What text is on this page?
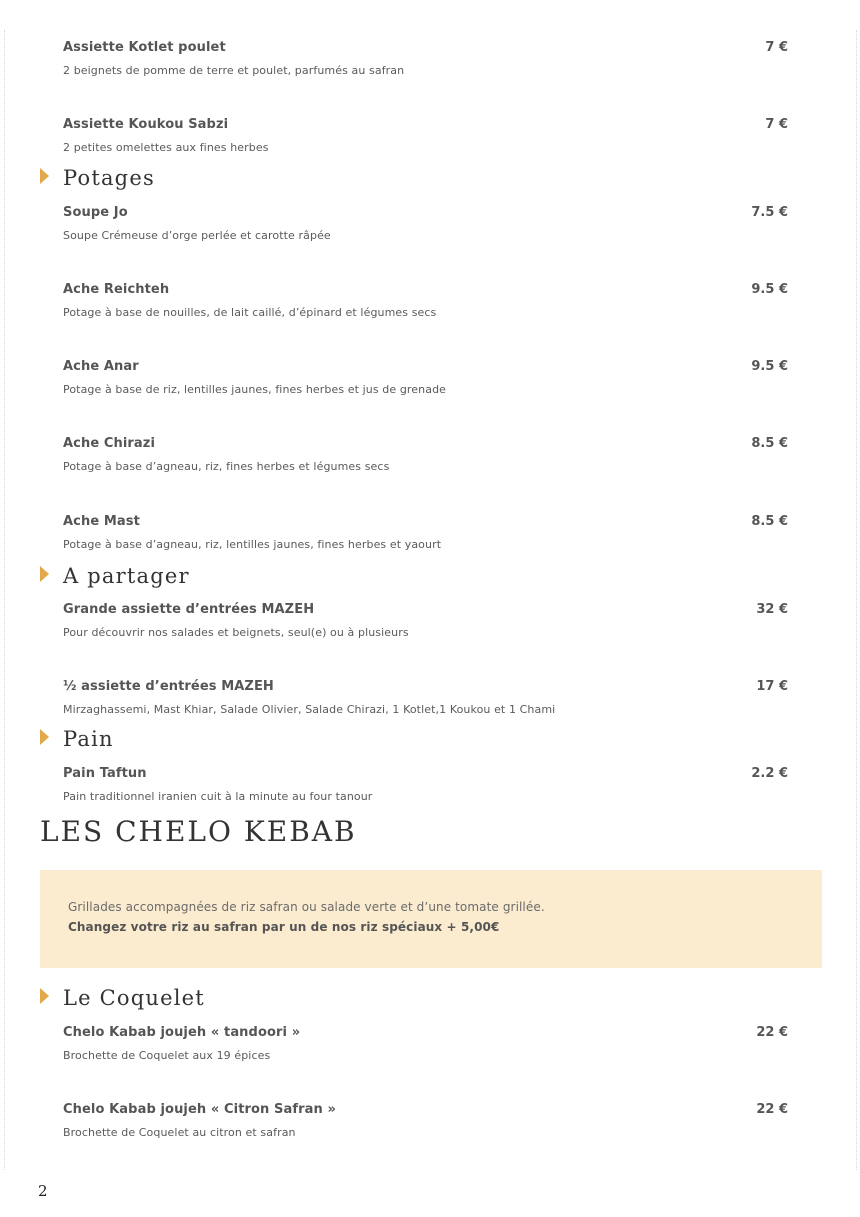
Assiette Kotlet poulet
2 beignets de pomme de terre et poulet, parfumés au safran
7 €
Assiette Koukou Sabzi
2 petites omelettes aux fines herbes
7 €
Potages
Soupe Jo
Soupe Crémeuse d’orge perlée et carotte râpée
7.5 €
Ache Reichteh
Potage à base de nouilles, de lait caillé, d’épinard et légumes secs
9.5 €
Ache Anar
Potage à base de riz, lentilles jaunes, fines herbes et jus de grenade
9.5 €
Ache Chirazi
Potage à base d’agneau, riz, fines herbes et légumes secs
8.5 €
Ache Mast
Potage à base d’agneau, riz, lentilles jaunes, fines herbes et yaourt
8.5 €
A partager
Grande assiette d’entrées MAZEH
Pour découvrir nos salades et beignets, seul(e) ou à plusieurs
32 €
½ assiette d’entrées MAZEH
Mirzaghassemi, Mast Khiar, Salade Olivier, Salade Chirazi, 1 Kotlet,1 Koukou et 1 Chami
17 €
Pain
Pain Taftun
Pain traditionnel iranien cuit à la minute au four tanour
2.2 €
LES CHELO KEBAB
Grillades accompagnées de riz safran ou salade verte et d’une tomate grillée.
Changez votre riz au safran par un de nos riz spéciaux + 5,00€
Le Coquelet
Chelo Kabab joujeh « tandoori »
Brochette de Coquelet aux 19 épices
22 €
Chelo Kabab joujeh « Citron Safran »
Brochette de Coquelet au citron et safran
22 €
2
